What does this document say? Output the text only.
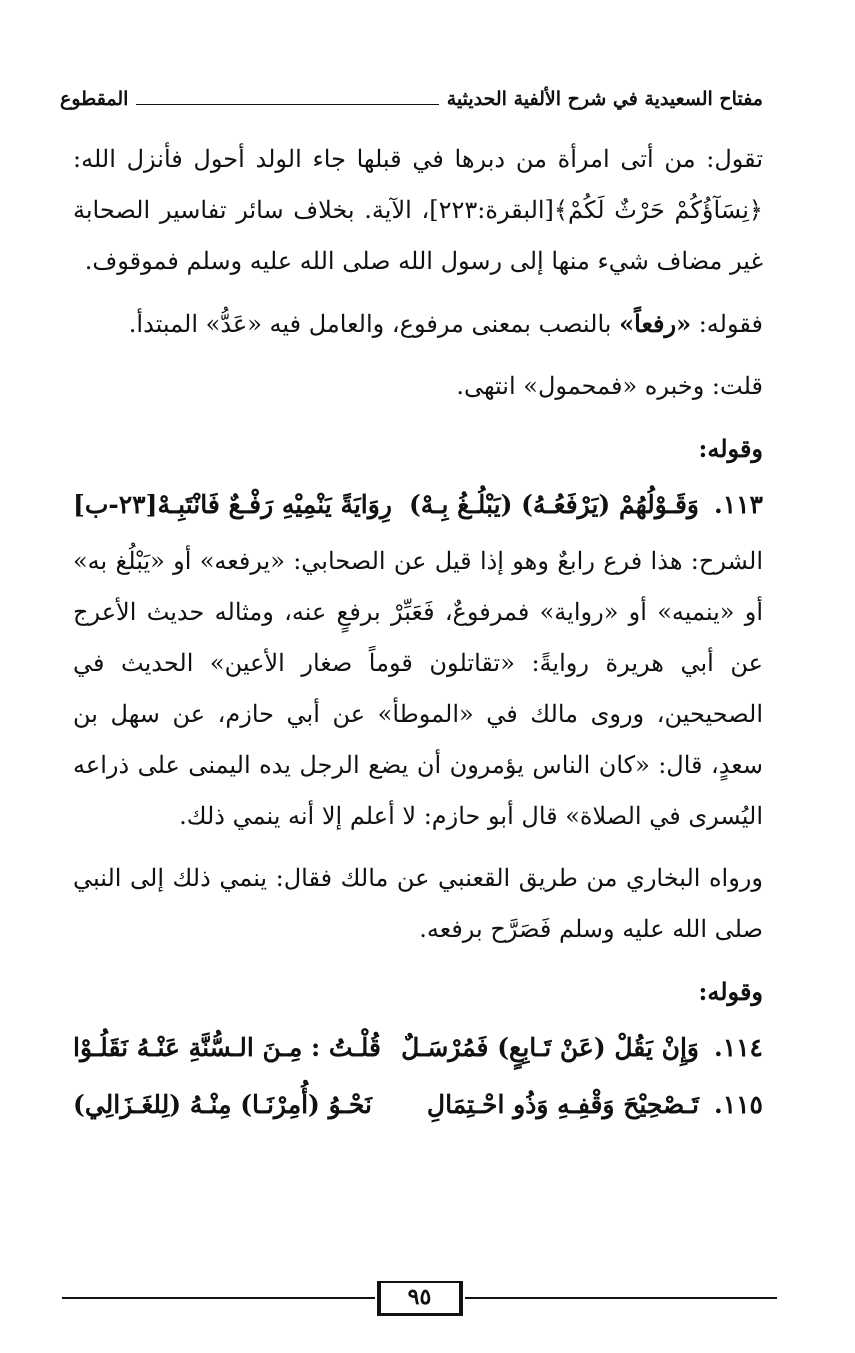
مفتاح السعيدية في شرح الألفية الحديثية
المقطوع

تقول: من أتى امرأة من دبرها في قبلها جاء الولد أحول فأنزل الله: ﴿نِسَآؤُكُمْ حَرْثٌ لَكُمْ﴾[البقرة:٢٢٣]، الآية. بخلاف سائر تفاسير الصحابة غير مضاف شيء منها إلى رسول الله صلى الله عليه وسلم فموقوف.

فقوله: «رفعاً» بالنصب بمعنى مرفوع، والعامل فيه «عَدُّ» المبتدأ.

قلت: وخبره «فمحمول» انتهى.

وقوله:

١١٣.
وَقَـوْلُهُمْ (يَرْفَعُـهُ) (يَبْلُـغُ بِـهْ)
رِوَايَةً يَنْمِيْهِ رَفْـعٌ فَانْتَبِـهْ[٢٣-ب]

الشرح: هذا فرع رابعٌ وهو إذا قيل عن الصحابي: «يرفعه» أو «يَبْلُغ به» أو «ينميه» أو «رواية» فمرفوعٌ، فَعَبِّرْ برفعٍ عنه، ومثاله حديث الأعرج عن أبي هريرة روايةً: «تقاتلون قوماً صغار الأعين» الحديث في الصحيحين، وروى مالك في «الموطأ» عن أبي حازم، عن سهل بن سعدٍ، قال: «كان الناس يؤمرون أن يضع الرجل يده اليمنى على ذراعه اليُسرى في الصلاة» قال أبو حازم: لا أعلم إلا أنه ينمي ذلك.

ورواه البخاري من طريق القعنبي عن مالك فقال: ينمي ذلك إلى النبي صلى الله عليه وسلم فَصَرَّح برفعه.

وقوله:

١١٤.
وَإِنْ يَقُلْ (عَنْ تَـابِعٍ) فَمُرْسَـلٌ
قُلْـتُ : مِـنَ الـسُّنَّةِ عَنْـهُ نَقَلُـوْا
١١٥.
تَـصْحِيْحَ وَقْفِـهِ وَذُو احْـتِمَالِ
نَحْـوُ (أُمِرْنَـا) مِنْـهُ (لِلغَـزَالِي)
٩٥
